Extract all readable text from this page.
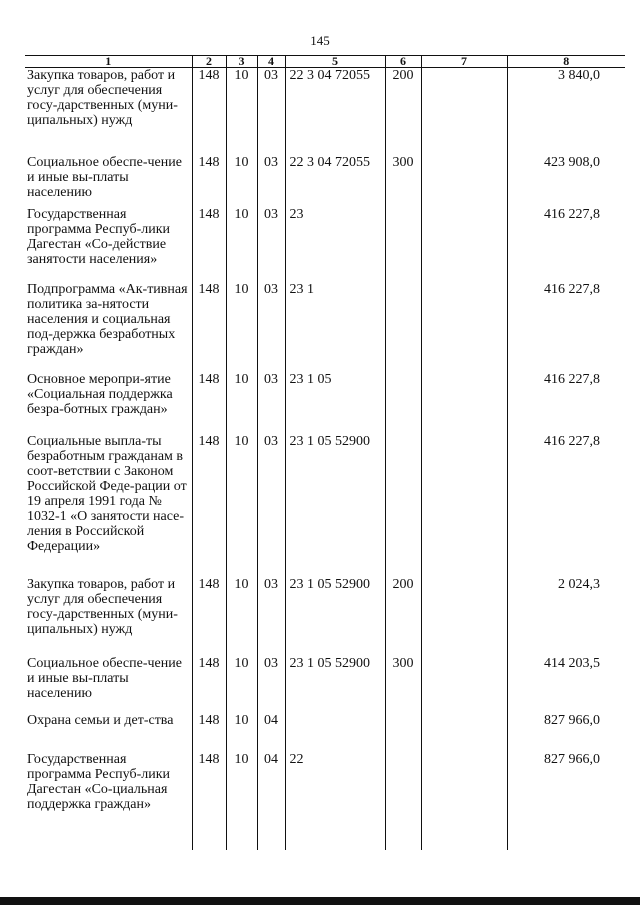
145
1	2	3	4	5	6	7	8
Закупка товаров, работ и услуг для обеспечения госу-дарственных (муни-ципальных) нужд	148	10	03	22 3 04 72055	200		3 840,0
Социальное обеспе-чение и иные вы-платы населению	148	10	03	22 3 04 72055	300		423 908,0
Государственная программа Респуб-лики Дагестан «Со-действие занятости населения»	148	10	03	23			416 227,8
Подпрограмма «Ак-тивная политика за-нятости населения и социальная под-держка безработных граждан»	148	10	03	23 1			416 227,8
Основное меропри-ятие «Социальная поддержка безра-ботных граждан»	148	10	03	23 1 05			416 227,8
Социальные выпла-ты безработным гражданам в соот-ветствии с Законом Российской Феде-рации от 19 апреля 1991 года № 1032-1 «О занятости насе-ления в Российской Федерации»	148	10	03	23 1 05 52900			416 227,8
Закупка товаров, работ и услуг для обеспечения госу-дарственных (муни-ципальных) нужд	148	10	03	23 1 05 52900	200		2 024,3
Социальное обеспе-чение и иные вы-платы населению	148	10	03	23 1 05 52900	300		414 203,5
Охрана семьи и дет-ства	148	10	04				827 966,0
Государственная программа Респуб-лики Дагестан «Со-циальная поддержка граждан»	148	10	04	22			827 966,0
